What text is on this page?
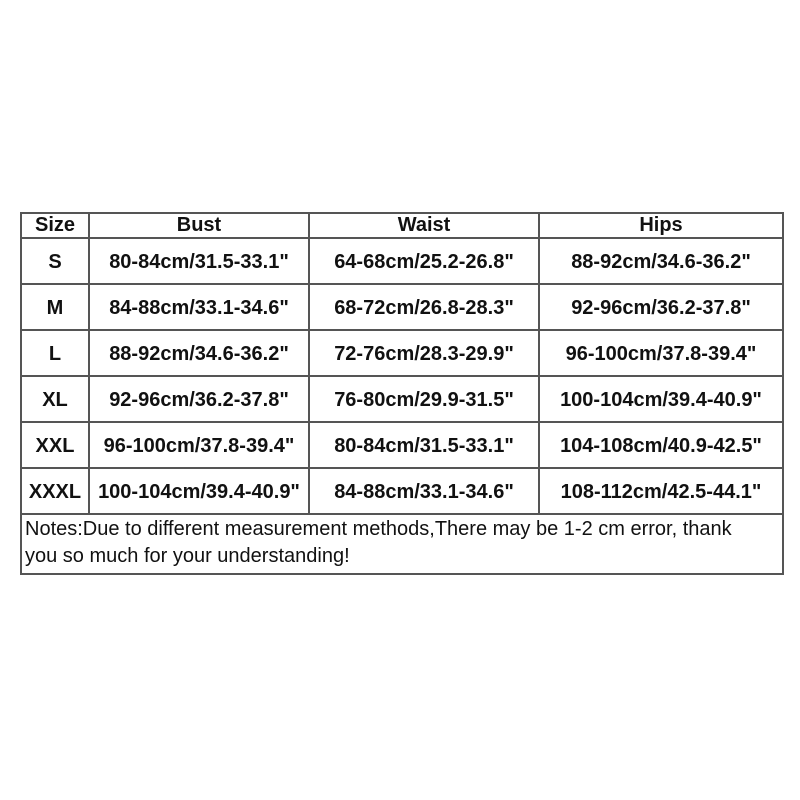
Size	Bust	Waist	Hips
S	80-84cm/31.5-33.1"	64-68cm/25.2-26.8"	88-92cm/34.6-36.2"
M	84-88cm/33.1-34.6"	68-72cm/26.8-28.3"	92-96cm/36.2-37.8"
L	88-92cm/34.6-36.2"	72-76cm/28.3-29.9"	96-100cm/37.8-39.4"
XL	92-96cm/36.2-37.8"	76-80cm/29.9-31.5"	100-104cm/39.4-40.9"
XXL	96-100cm/37.8-39.4"	80-84cm/31.5-33.1"	104-108cm/40.9-42.5"
XXXL	100-104cm/39.4-40.9"	84-88cm/33.1-34.6"	108-112cm/42.5-44.1"

Notes:Due to different measurement methods,There may be 1-2 cm error, thank
you so much for your understanding!			
